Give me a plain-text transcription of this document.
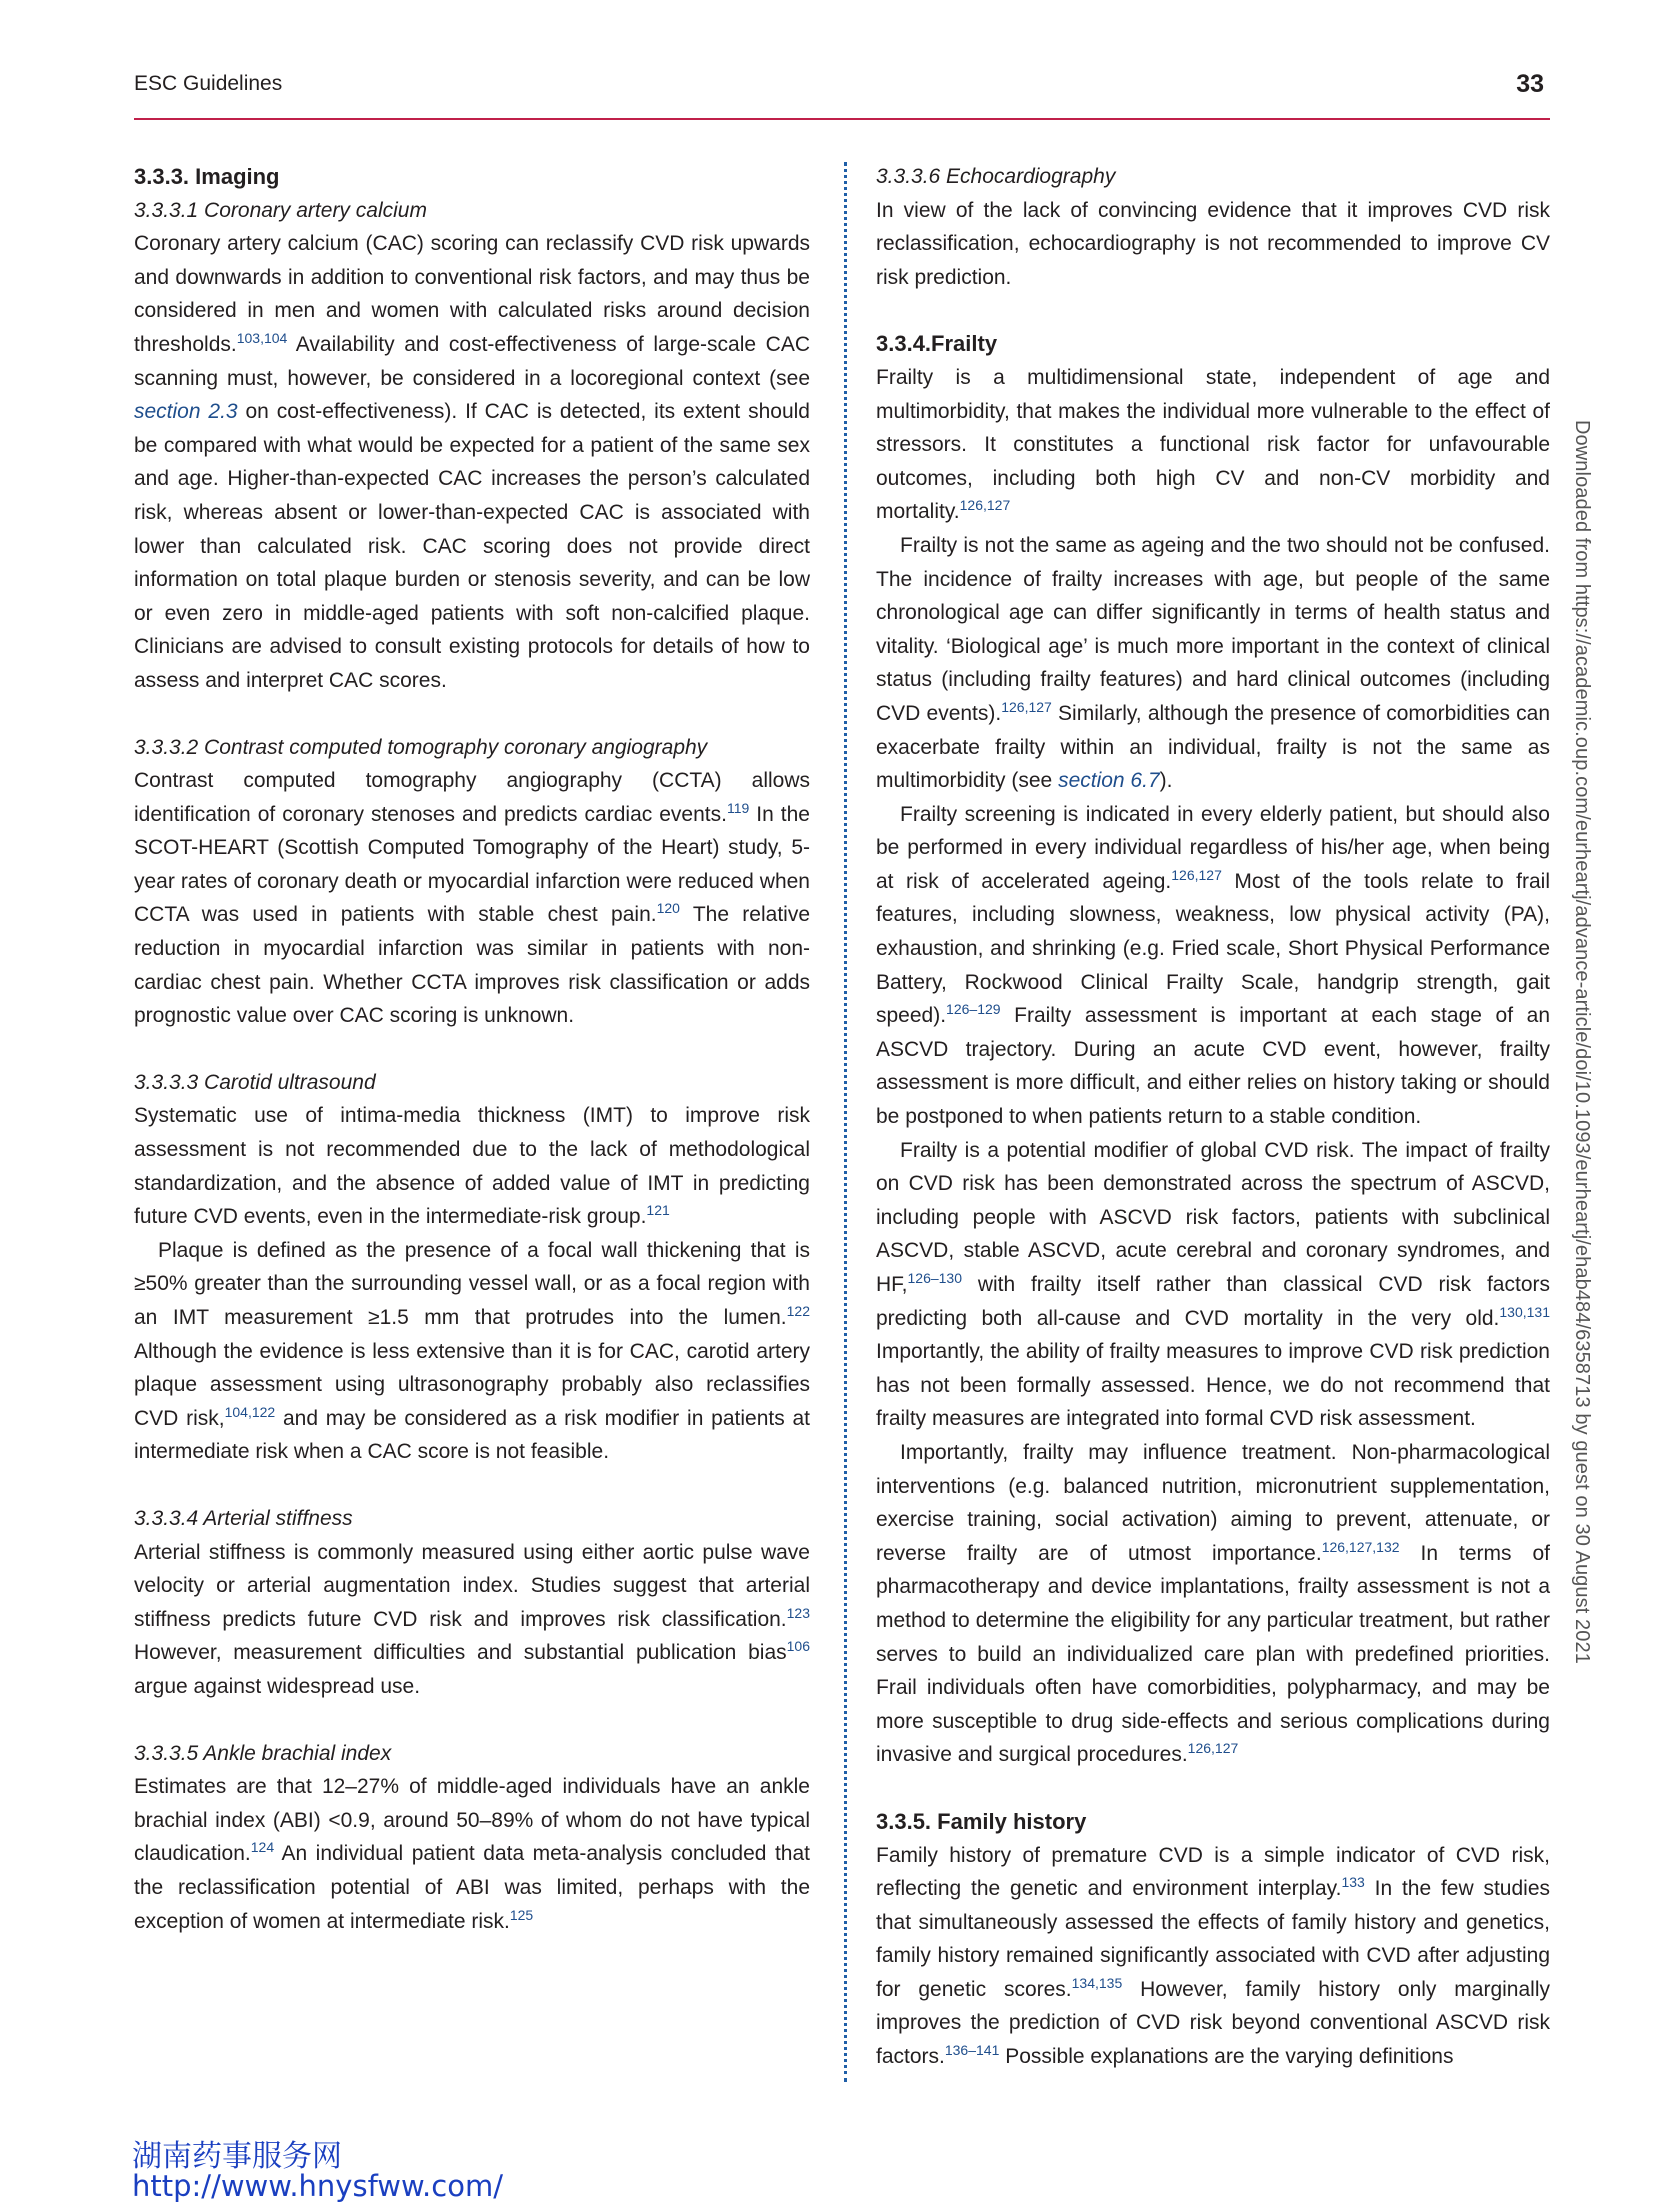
ESC Guidelines	33

3.3.3. Imaging

3.3.3.1 Coronary artery calcium

Coronary artery calcium (CAC) scoring can reclassify CVD risk upwards and downwards in addition to conventional risk factors, and may thus be considered in men and women with calculated risks around decision thresholds.$^{103,104}$ Availability and cost-effectiveness of large-scale CAC scanning must, however, be considered in a locoregional context (see section 2.3 on cost-effectiveness). If CAC is detected, its extent should be compared with what would be expected for a patient of the same sex and age. Higher-than-expected CAC increases the person’s calculated risk, whereas absent or lower-than-expected CAC is associated with lower than calculated risk. CAC scoring does not provide direct information on total plaque burden or stenosis severity, and can be low or even zero in middle-aged patients with soft non-calcified plaque. Clinicians are advised to consult existing protocols for details of how to assess and interpret CAC scores.

3.3.3.2 Contrast computed tomography coronary angiography

Contrast computed tomography angiography (CCTA) allows identification of coronary stenoses and predicts cardiac events.$^{119}$ In the SCOT-HEART (Scottish Computed Tomography of the Heart) study, 5-year rates of coronary death or myocardial infarction were reduced when CCTA was used in patients with stable chest pain.$^{120}$ The relative reduction in myocardial infarction was similar in patients with non-cardiac chest pain. Whether CCTA improves risk classification or adds prognostic value over CAC scoring is unknown.

3.3.3.3 Carotid ultrasound

Systematic use of intima-media thickness (IMT) to improve risk assessment is not recommended due to the lack of methodological standardization, and the absence of added value of IMT in predicting future CVD events, even in the intermediate-risk group.$^{121}$

Plaque is defined as the presence of a focal wall thickening that is ≥50% greater than the surrounding vessel wall, or as a focal region with an IMT measurement ≥1.5 mm that protrudes into the lumen.$^{122}$ Although the evidence is less extensive than it is for CAC, carotid artery plaque assessment using ultrasonography probably also reclassifies CVD risk,$^{104,122}$ and may be considered as a risk modifier in patients at intermediate risk when a CAC score is not feasible.

3.3.3.4 Arterial stiffness

Arterial stiffness is commonly measured using either aortic pulse wave velocity or arterial augmentation index. Studies suggest that arterial stiffness predicts future CVD risk and improves risk classification.$^{123}$ However, measurement difficulties and substantial publication bias$^{106}$ argue against widespread use.

3.3.3.5 Ankle brachial index

Estimates are that 12–27% of middle-aged individuals have an ankle brachial index (ABI) <0.9, around 50–89% of whom do not have typical claudication.$^{124}$ An individual patient data meta-analysis concluded that the reclassification potential of ABI was limited, perhaps with the exception of women at intermediate risk.$^{125}$

3.3.3.6 Echocardiography

In view of the lack of convincing evidence that it improves CVD risk reclassification, echocardiography is not recommended to improve CV risk prediction.

3.3.4.Frailty

Frailty is a multidimensional state, independent of age and multimorbidity, that makes the individual more vulnerable to the effect of stressors. It constitutes a functional risk factor for unfavourable outcomes, including both high CV and non-CV morbidity and mortality.$^{126,127}$

Frailty is not the same as ageing and the two should not be confused. The incidence of frailty increases with age, but people of the same chronological age can differ significantly in terms of health status and vitality. ‘Biological age’ is much more important in the context of clinical status (including frailty features) and hard clinical outcomes (including CVD events).$^{126,127}$ Similarly, although the presence of comorbidities can exacerbate frailty within an individual, frailty is not the same as multimorbidity (see section 6.7).

Frailty screening is indicated in every elderly patient, but should also be performed in every individual regardless of his/her age, when being at risk of accelerated ageing.$^{126,127}$ Most of the tools relate to frail features, including slowness, weakness, low physical activity (PA), exhaustion, and shrinking (e.g. Fried scale, Short Physical Performance Battery, Rockwood Clinical Frailty Scale, handgrip strength, gait speed).$^{126-129}$ Frailty assessment is important at each stage of an ASCVD trajectory. During an acute CVD event, however, frailty assessment is more difficult, and either relies on history taking or should be postponed to when patients return to a stable condition.

Frailty is a potential modifier of global CVD risk. The impact of frailty on CVD risk has been demonstrated across the spectrum of ASCVD, including people with ASCVD risk factors, patients with subclinical ASCVD, stable ASCVD, acute cerebral and coronary syndromes, and HF,$^{126-130}$ with frailty itself rather than classical CVD risk factors predicting both all-cause and CVD mortality in the very old.$^{130,131}$ Importantly, the ability of frailty measures to improve CVD risk prediction has not been formally assessed. Hence, we do not recommend that frailty measures are integrated into formal CVD risk assessment.

Importantly, frailty may influence treatment. Non-pharmacological interventions (e.g. balanced nutrition, micronutrient supplementation, exercise training, social activation) aiming to prevent, attenuate, or reverse frailty are of utmost importance.$^{126,127,132}$ In terms of pharmacotherapy and device implantations, frailty assessment is not a method to determine the eligibility for any particular treatment, but rather serves to build an individualized care plan with predefined priorities. Frail individuals often have comorbidities, polypharmacy, and may be more susceptible to drug side-effects and serious complications during invasive and surgical procedures.$^{126,127}$

3.3.5. Family history

Family history of premature CVD is a simple indicator of CVD risk, reflecting the genetic and environment interplay.$^{133}$ In the few studies that simultaneously assessed the effects of family history and genetics, family history remained significantly associated with CVD after adjusting for genetic scores.$^{134,135}$ However, family history only marginally improves the prediction of CVD risk beyond conventional ASCVD risk factors.$^{136-141}$ Possible explanations are the varying definitions

Downloaded from https://academic.oup.com/eurheartj/advance-article/doi/10.1093/eurheartj/ehab484/6358713 by guest on 30 August 2021
湖南药事服务网
http://www.hnysfww.com/
